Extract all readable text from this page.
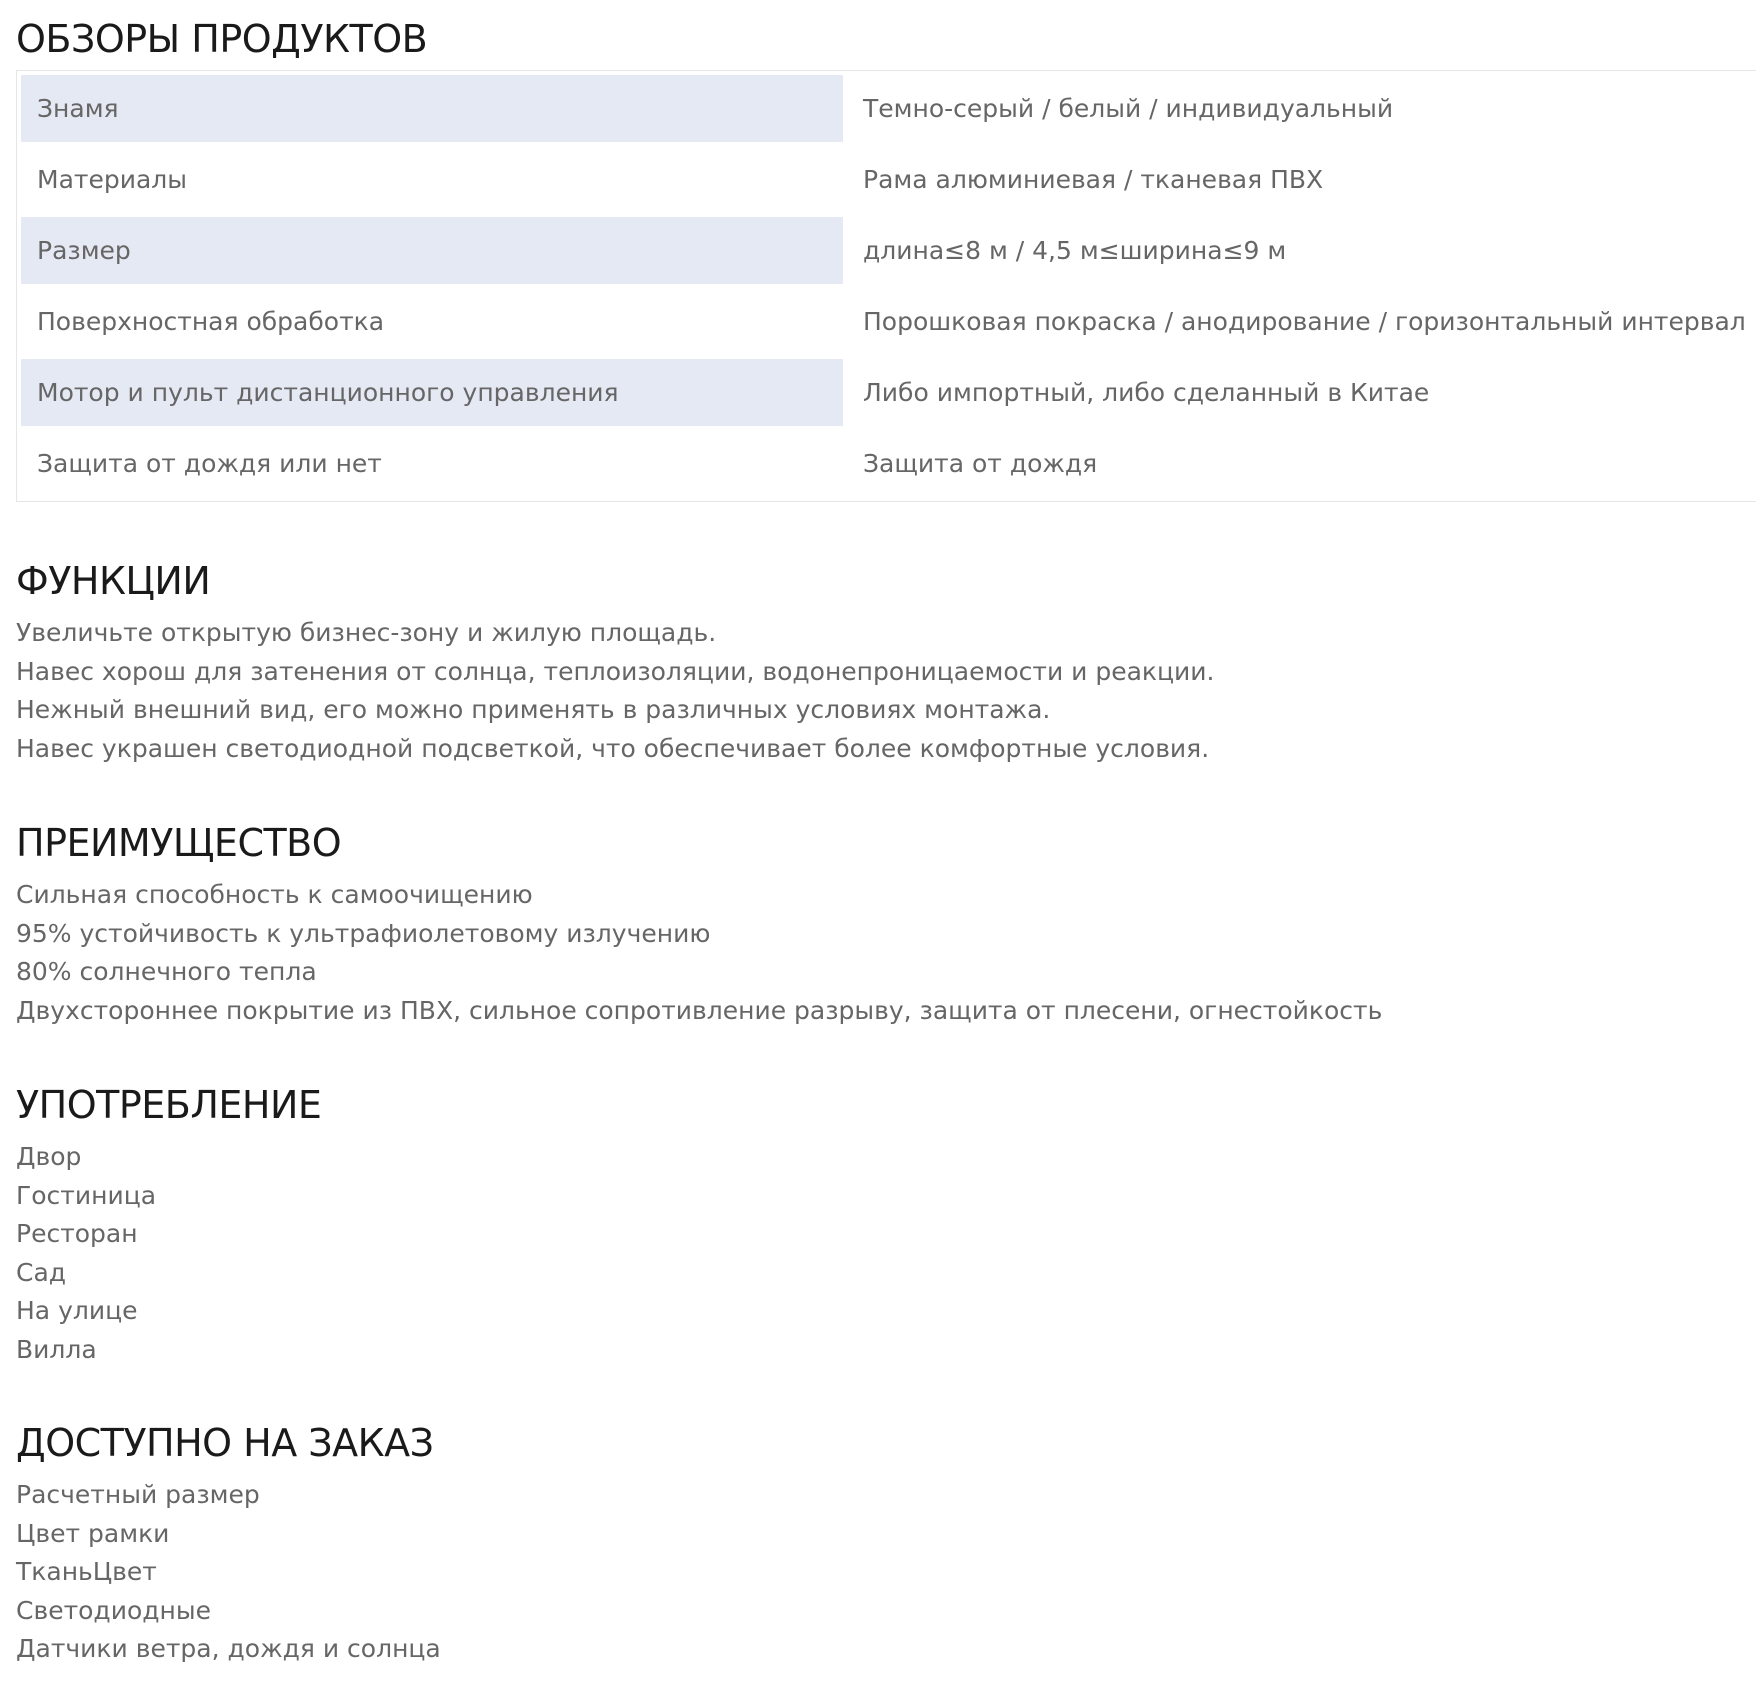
ОБЗОРЫ ПРОДУКТОВ
Знамя	Темно-серый / белый / индивидуальный
Материалы	Рама алюминиевая / тканевая ПВХ
Размер	длина≤8 м / 4,5 м≤ширина≤9 м
Поверхностная обработка	Порошковая покраска / анодирование / горизонтальный интервал
Мотор и пульт дистанционного управления	Либо импортный, либо сделанный в Китае
Защита от дождя или нет	Защита от дождя
ФУНКЦИИ
Увеличьте открытую бизнес-зону и жилую площадь.
Навес хорош для затенения от солнца, теплоизоляции, водонепроницаемости и реакции.
Нежный внешний вид, его можно применять в различных условиях монтажа.
Навес украшен светодиодной подсветкой, что обеспечивает более комфортные условия.
ПРЕИМУЩЕСТВО
Сильная способность к самоочищению
95% устойчивость к ультрафиолетовому излучению
80% солнечного тепла
Двухстороннее покрытие из ПВХ, сильное сопротивление разрыву, защита от плесени, огнестойкость
УПОТРЕБЛЕНИЕ
Двор
Гостиница
Ресторан
Сад
На улице
Вилла
ДОСТУПНО НА ЗАКАЗ
Расчетный размер
Цвет рамки
ТканьЦвет
Светодиодные
Датчики ветра, дождя и солнца
